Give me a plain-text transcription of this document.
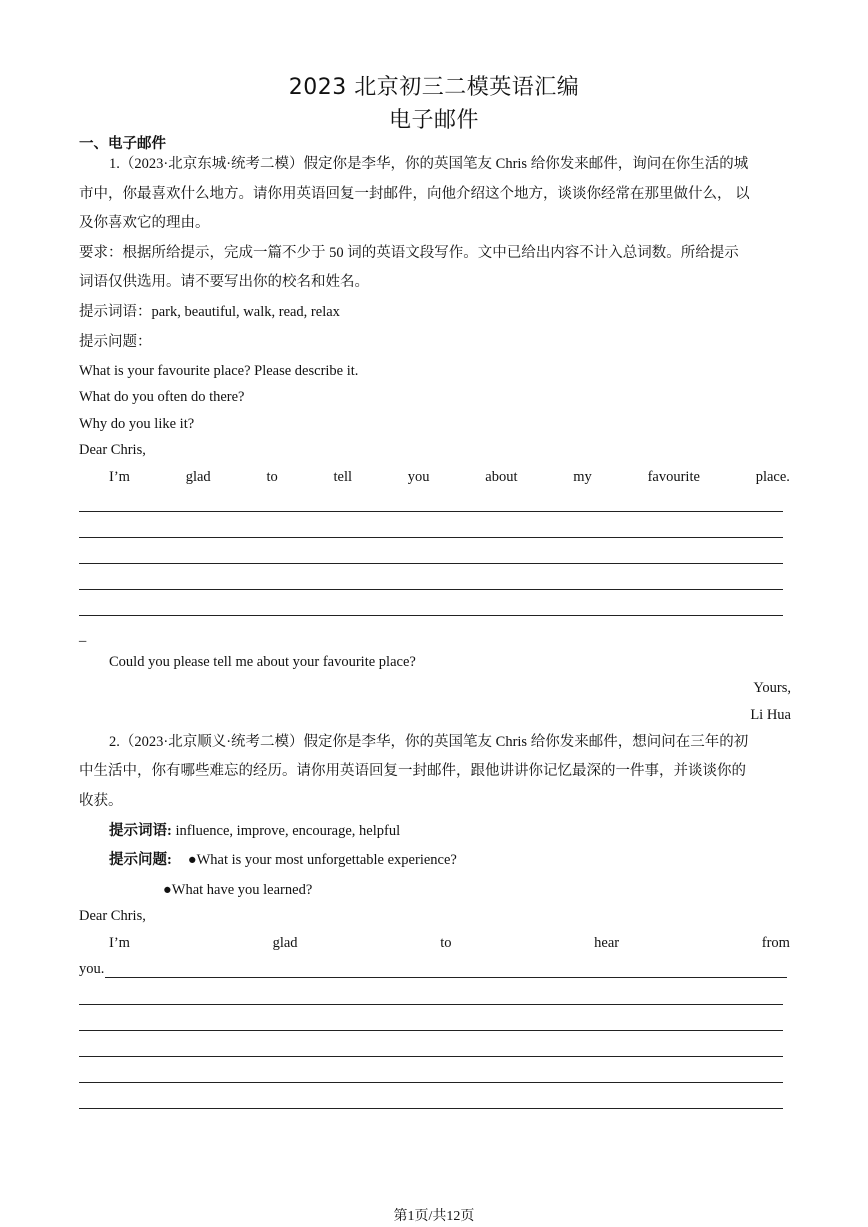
2023 北京初三二模英语汇编
电子邮件
一、电子邮件
1.（2023·北京东城·统考二模）假定你是李华，你的英国笔友 Chris 给你发来邮件，询问在你生活的城
市中，你最喜欢什么地方。请你用英语回复一封邮件，向他介绍这个地方，谈谈你经常在那里做什么， 以
及你喜欢它的理由。
要求：根据所给提示，完成一篇不少于 50 词的英语文段写作。文中已给出内容不计入总词数。所给提示
词语仅供选用。请不要写出你的校名和姓名。
提示词语：park, beautiful, walk, read, relax
提示问题：
What is your favourite place? Please describe it.
What do you often do there?
Why do you like it?
Dear Chris,
I’m	glad	to	tell	you	about	my	favourite	place.
_
Could you please tell me about your favourite place?
Yours,
Li Hua
2.（2023·北京顺义·统考二模）假定你是李华，你的英国笔友 Chris 给你发来邮件，想问问在三年的初
中生活中，你有哪些难忘的经历。请你用英语回复一封邮件，跟他讲讲你记忆最深的一件事，并谈谈你的
收获。
提示词语: influence, improve, encourage, helpful
提示问题: ●What is your most unforgettable experience?
●What have you learned?
Dear Chris,
I’m	glad	to	hear	from
you.
第1页/共12页
